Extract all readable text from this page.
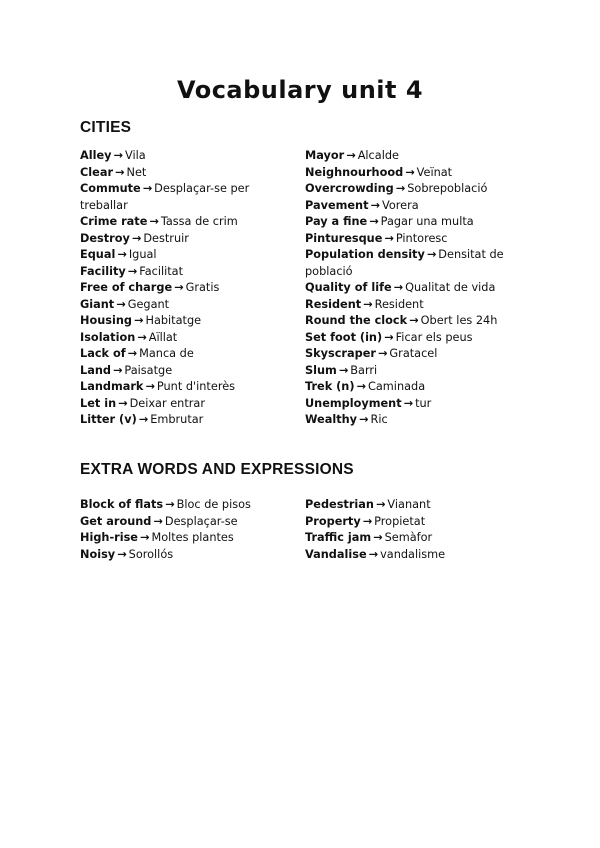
Vocabulary unit 4
CITIES

Alley → Vila

Clear → Net

Commute → Desplaçar-se per treballar

Crime rate → Tassa de crim

Destroy → Destruir

Equal → Igual

Facility → Facilitat

Free of charge → Gratis

Giant → Gegant

Housing → Habitatge

Isolation → Aïllat

Lack of → Manca de

Land → Paisatge

Landmark → Punt d'interès

Let in → Deixar entrar

Litter (v) → Embrutar

Mayor → Alcalde

Neighnourhood → Veïnat

Overcrowding → Sobrepoblació

Pavement → Vorera

Pay a fine → Pagar una multa

Pinturesque → Pintoresc

Population density → Densitat de població

Quality of life → Qualitat de vida

Resident → Resident

Round the clock → Obert les 24h

Set foot (in) → Ficar els peus

Skyscraper → Gratacel

Slum → Barri

Trek (n) → Caminada

Unemployment → tur

Wealthy → Ric

EXTRA WORDS AND EXPRESSIONS

Block of flats → Bloc de pisos

Get around → Desplaçar-se

High-rise → Moltes plantes

Noisy → Sorollós

Pedestrian → Vianant

Property → Propietat

Traffic jam → Semàfor

Vandalise → vandalisme
